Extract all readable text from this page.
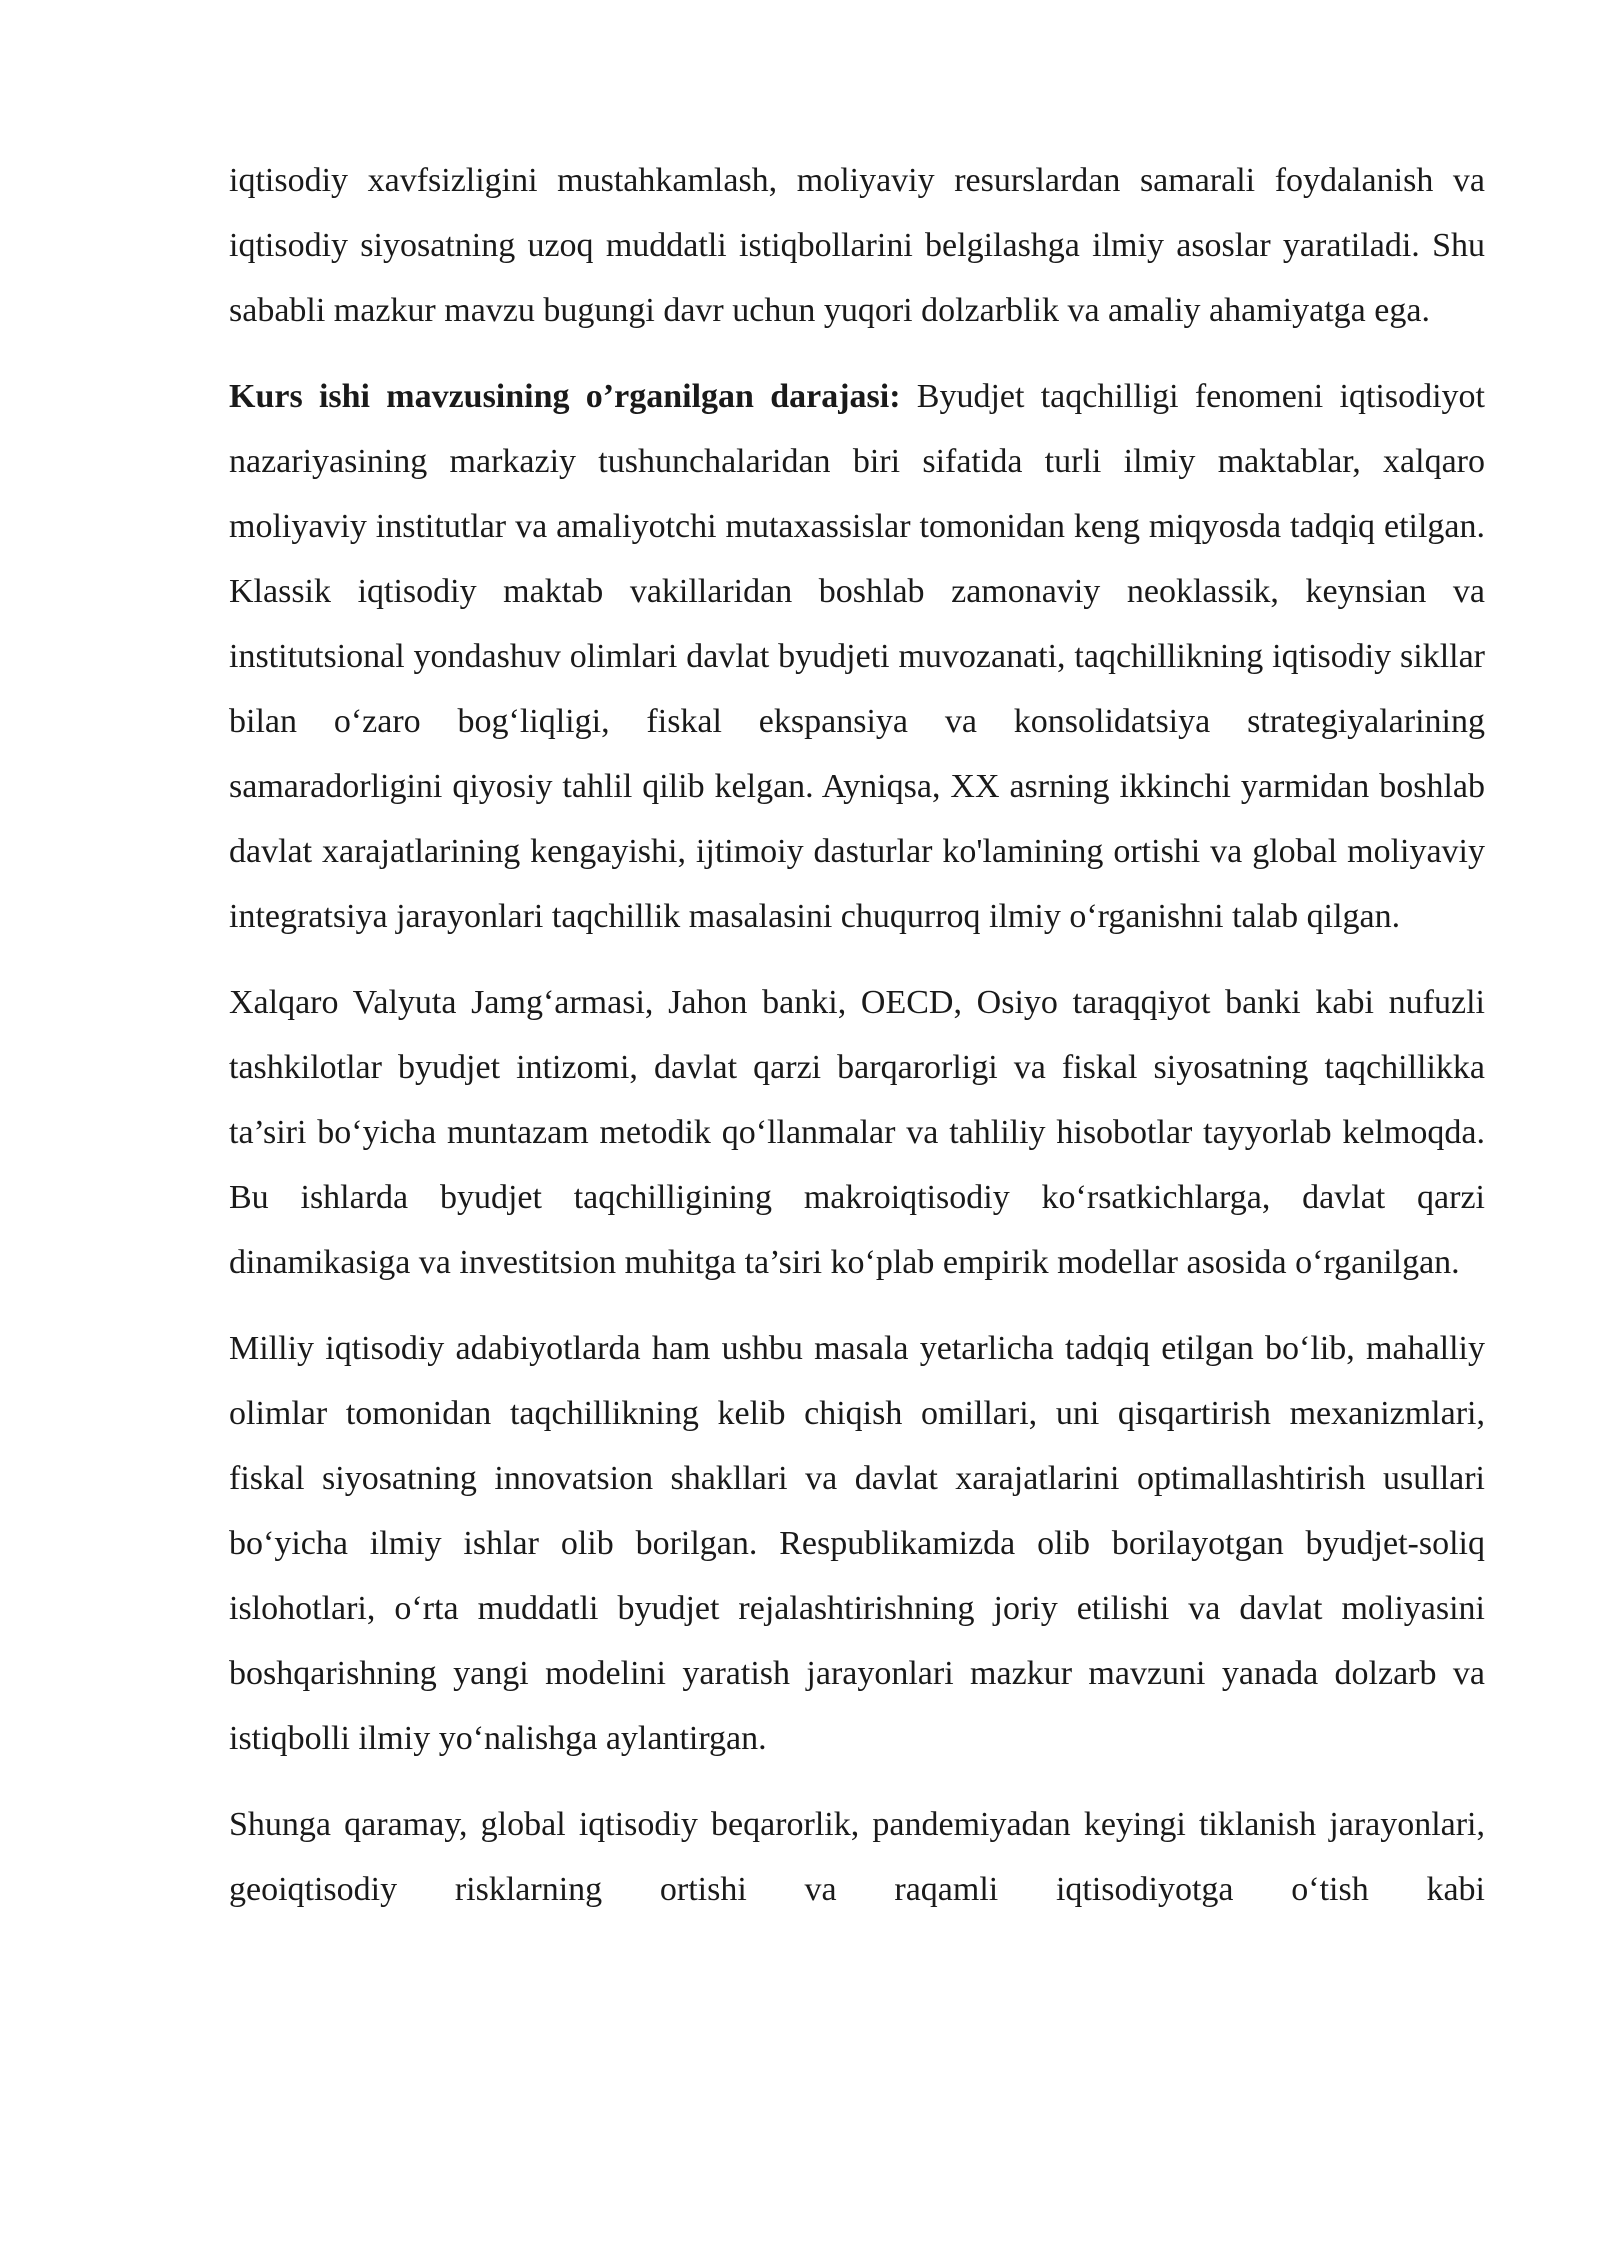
iqtisodiy xavfsizligini mustahkamlash, moliyaviy resurslardan samarali foydalanish va iqtisodiy siyosatning uzoq muddatli istiqbollarini belgilashga ilmiy asoslar yaratiladi. Shu sababli mazkur mavzu bugungi davr uchun yuqori dolzarblik va amaliy ahamiyatga ega.

Kurs ishi mavzusining o’rganilgan darajasi: Byudjet taqchilligi fenomeni iqtisodiyot nazariyasining markaziy tushunchalaridan biri sifatida turli ilmiy maktablar, xalqaro moliyaviy institutlar va amaliyotchi mutaxassislar tomonidan keng miqyosda tadqiq etilgan. Klassik iqtisodiy maktab vakillaridan boshlab zamonaviy neoklassik, keynsian va institutsional yondashuv olimlari davlat byudjeti muvozanati, taqchillikning iqtisodiy sikllar bilan o‘zaro bog‘liqligi, fiskal ekspansiya va konsolidatsiya strategiyalarining samaradorligini qiyosiy tahlil qilib kelgan. Ayniqsa, XX asrning ikkinchi yarmidan boshlab davlat xarajatlarining kengayishi, ijtimoiy dasturlar ko'lamining ortishi va global moliyaviy integratsiya jarayonlari taqchillik masalasini chuqurroq ilmiy o‘rganishni talab qilgan.

Xalqaro Valyuta Jamg‘armasi, Jahon banki, OECD, Osiyo taraqqiyot banki kabi nufuzli tashkilotlar byudjet intizomi, davlat qarzi barqarorligi va fiskal siyosatning taqchillikka ta’siri bo‘yicha muntazam metodik qo‘llanmalar va tahliliy hisobotlar tayyorlab kelmoqda. Bu ishlarda byudjet taqchilligining makroiqtisodiy ko‘rsatkichlarga, davlat qarzi dinamikasiga va investitsion muhitga ta’siri ko‘plab empirik modellar asosida o‘rganilgan.

Milliy iqtisodiy adabiyotlarda ham ushbu masala yetarlicha tadqiq etilgan bo‘lib, mahalliy olimlar tomonidan taqchillikning kelib chiqish omillari, uni qisqartirish mexanizmlari, fiskal siyosatning innovatsion shakllari va davlat xarajatlarini optimallashtirish usullari bo‘yicha ilmiy ishlar olib borilgan. Respublikamizda olib borilayotgan byudjet-soliq islohotlari, o‘rta muddatli byudjet rejalashtirishning joriy etilishi va davlat moliyasini boshqarishning yangi modelini yaratish jarayonlari mazkur mavzuni yanada dolzarb va istiqbolli ilmiy yo‘nalishga aylantirgan.

Shunga qaramay, global iqtisodiy beqarorlik, pandemiyadan keyingi tiklanish jarayonlari, geoiqtisodiy risklarning ortishi va raqamli iqtisodiyotga o‘tish kabi
